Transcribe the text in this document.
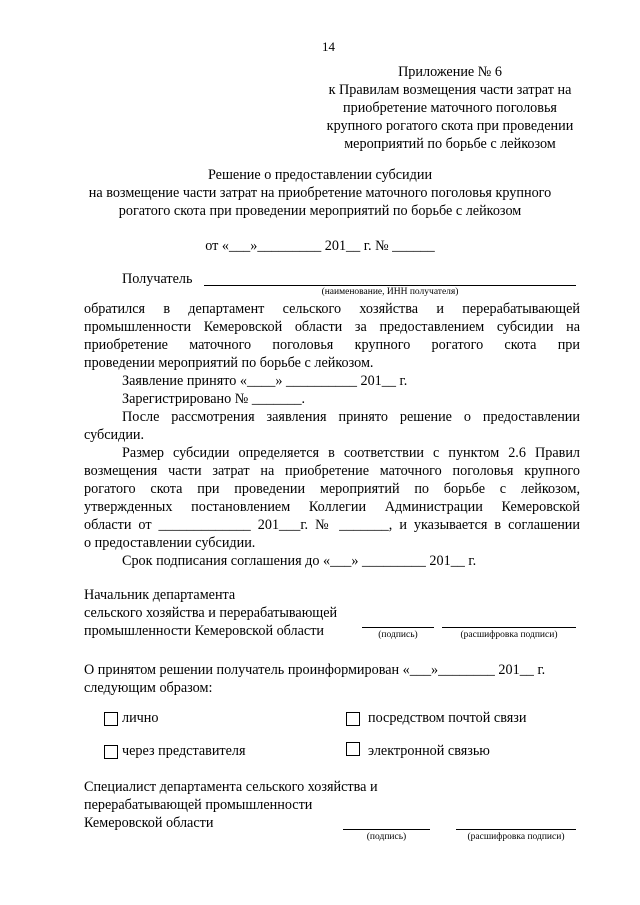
14
Приложение № 6
к Правилам возмещения части затрат на
приобретение маточного поголовья
крупного рогатого скота при проведении
мероприятий по борьбе с лейкозом
Решение о предоставлении субсидии
на возмещение части затрат на приобретение маточного поголовья крупного
рогатого скота при проведении мероприятий по борьбе с лейкозом
от «___»_________ 201__ г. № ______
Получатель
(наименование, ИНН получателя)
обратился в департамент сельского хозяйства и перерабатывающей
промышленности Кемеровской области за предоставлением субсидии на
приобретение маточного поголовья крупного рогатого скота при
проведении мероприятий по борьбе с лейкозом.
Заявление принято «____» __________ 201__ г.
Зарегистрировано № _______.
После рассмотрения заявления принято решение о предоставлении
субсидии.
Размер субсидии определяется в соответствии с пунктом 2.6 Правил
возмещения части затрат на приобретение маточного поголовья крупного
рогатого скота при проведении мероприятий по борьбе с лейкозом,
утвержденных постановлением Коллегии Администрации Кемеровской
области от _____________ 201___г. № _______, и указывается в соглашении
о предоставлении субсидии.
Срок подписания соглашения до «___» _________ 201__ г.
Начальник департамента
сельского хозяйства и перерабатывающей
промышленности Кемеровской области	(подпись)	(расшифровка подписи)
О принятом решении получатель проинформирован «___»________ 201__ г.
следующим образом:
лично	посредством почтой связи
через представителя	электронной связью
Специалист департамента сельского хозяйства и
перерабатывающей промышленности
Кемеровской области
(подпись)	(расшифровка подписи)
